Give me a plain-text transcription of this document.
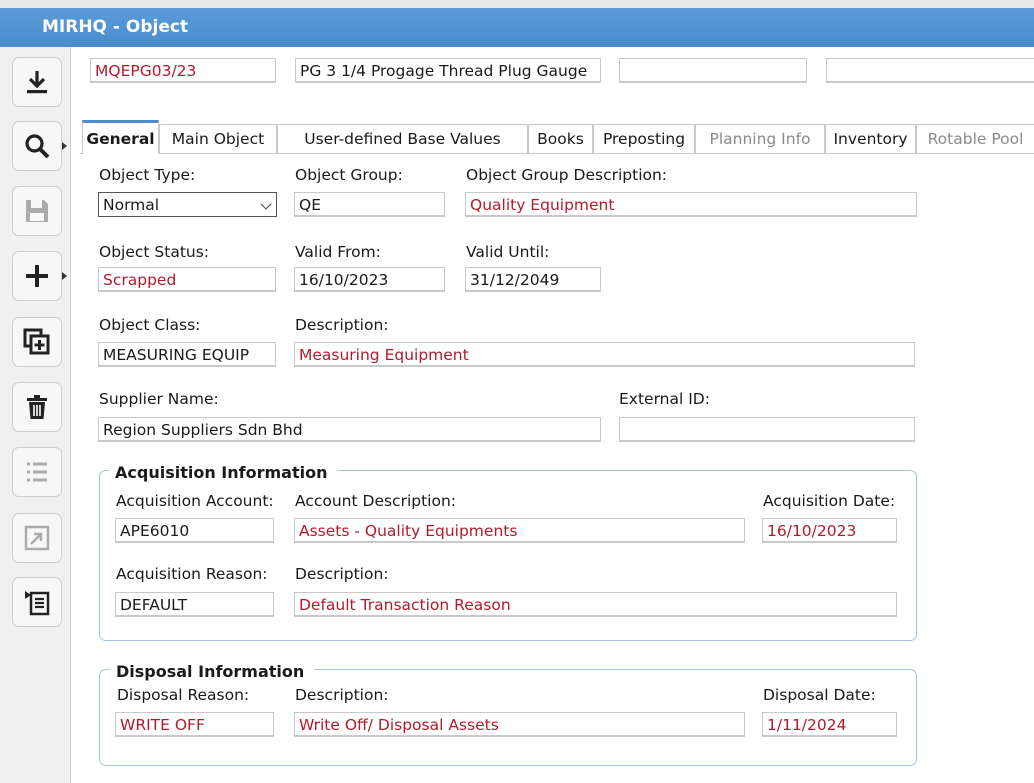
MIRHQ - Object
MQEPG03/23	PG 3 1/4 Progage Thread Plug Gauge
General	Main Object	User-defined Base Values	Books	Preposting	Planning Info	Inventory	Rotable Pool
Object Type:
Normal
Object Group:
QE
Object Group Description:
Quality Equipment
Object Status:
Scrapped
Valid From:
16/10/2023
Valid Until:
31/12/2049
Object Class:
MEASURING EQUIP
Description:
Measuring Equipment
Supplier Name:
Region Suppliers Sdn Bhd
External ID:
Acquisition Information
Acquisition Account:
APE6010
Account Description:
Assets - Quality Equipments
Acquisition Date:
16/10/2023
Acquisition Reason:
DEFAULT
Description:
Default Transaction Reason
Disposal Information
Disposal Reason:
WRITE OFF
Description:
Write Off/ Disposal Assets
Disposal Date:
1/11/2024
